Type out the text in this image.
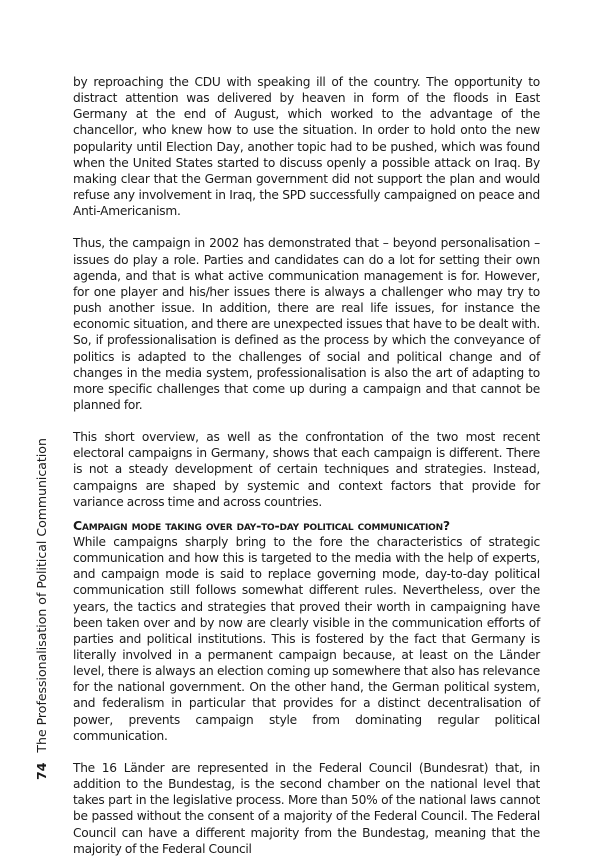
74 The Professionalisation of Political Communication

by reproaching the CDU with speaking ill of the country. The opportunity to distract attention was delivered by heaven in form of the floods in East Germany at the end of August, which worked to the advantage of the chancellor, who knew how to use the situation. In order to hold onto the new popularity until Election Day, another topic had to be pushed, which was found when the United States started to discuss openly a possible attack on Iraq. By making clear that the German government did not support the plan and would refuse any involvement in Iraq, the SPD successfully campaigned on peace and Anti-Americanism.

Thus, the campaign in 2002 has demonstrated that – beyond personalisation – issues do play a role. Parties and candidates can do a lot for setting their own agenda, and that is what active communication management is for. However, for one player and his/her issues there is always a challenger who may try to push another issue. In addition, there are real life issues, for instance the economic situation, and there are unexpected issues that have to be dealt with. So, if professionalisation is defined as the process by which the conveyance of politics is adapted to the challenges of social and political change and of changes in the media system, professionalisation is also the art of adapting to more specific challenges that come up during a campaign and that cannot be planned for.

This short overview, as well as the confrontation of the two most recent electoral campaigns in Germany, shows that each campaign is different. There is not a steady development of certain techniques and strategies. Instead, campaigns are shaped by systemic and context factors that provide for variance across time and across countries.

Campaign mode taking over day-to-day political communication?

While campaigns sharply bring to the fore the characteristics of strategic communication and how this is targeted to the media with the help of experts, and campaign mode is said to replace governing mode, day-to-day political communication still follows somewhat different rules. Nevertheless, over the years, the tactics and strategies that proved their worth in campaigning have been taken over and by now are clearly visible in the communication efforts of parties and political institutions. This is fostered by the fact that Germany is literally involved in a permanent campaign because, at least on the Länder level, there is always an election coming up somewhere that also has relevance for the national government. On the other hand, the German political system, and federalism in particular that provides for a distinct decentralisation of power, prevents campaign style from dominating regular political communication.

The 16 Länder are represented in the Federal Council (Bundesrat) that, in addition to the Bundestag, is the second chamber on the national level that takes part in the legislative process. More than 50% of the national laws cannot be passed without the consent of a majority of the Federal Council. The Federal Council can have a different majority from the Bundestag, meaning that the majority of the Federal Council
